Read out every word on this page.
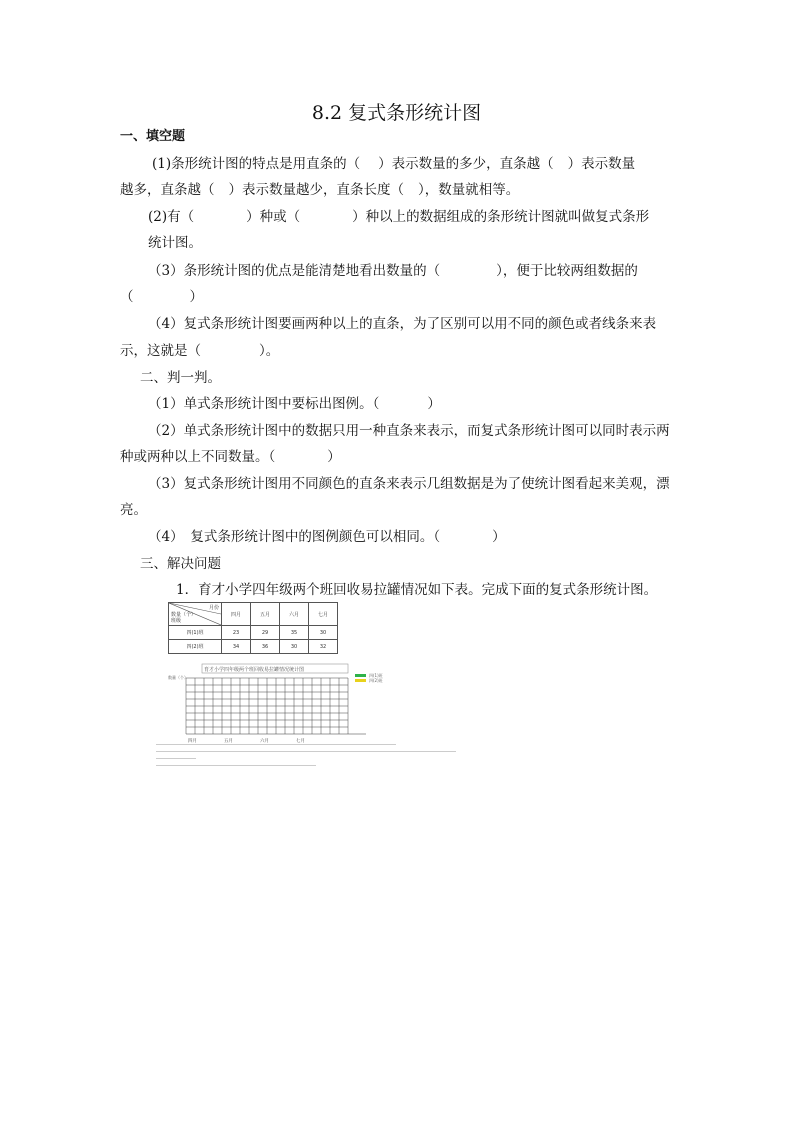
8.2 复式条形统计图
一、填空题
(1)条形统计图的特点是用直条的（ ）表示数量的多少，直条越（ ）表示数量
越多，直条越（ ）表示数量越少，直条长度（ ），数量就相等。
(2)有（	）种或（	）种以上的数据组成的条形统计图就叫做复式条形
统计图。
（3）条形统计图的优点是能清楚地看出数量的（	），便于比较两组数据的
（	）
（4）复式条形统计图要画两种以上的直条，为了区别可以用不同的颜色或者线条来表
示，这就是（	）。
二、判一判。
（1）单式条形统计图中要标出图例。（	）
（2）单式条形统计图中的数据只用一种直条来表示，而复式条形统计图可以同时表示两
种或两种以上不同数量。（	）
（3）复式条形统计图用不同颜色的直条来表示几组数据是为了使统计图看起来美观，漂
亮。
（4）　复式条形统计图中的图例颜色可以相同。（	）
三、解决问题
1．育才小学四年级两个班回收易拉罐情况如下表。完成下面的复式条形统计图。
月份
数量（个）
班级	四月	五月	六月	七月
四(1)班	23	29	35	30
四(2)班	34	36	30	32
育才小学四年级两个班回收易拉罐情况统计图
数量（个）	四(1)班
四(2)班
四月	五月	六月	七月
